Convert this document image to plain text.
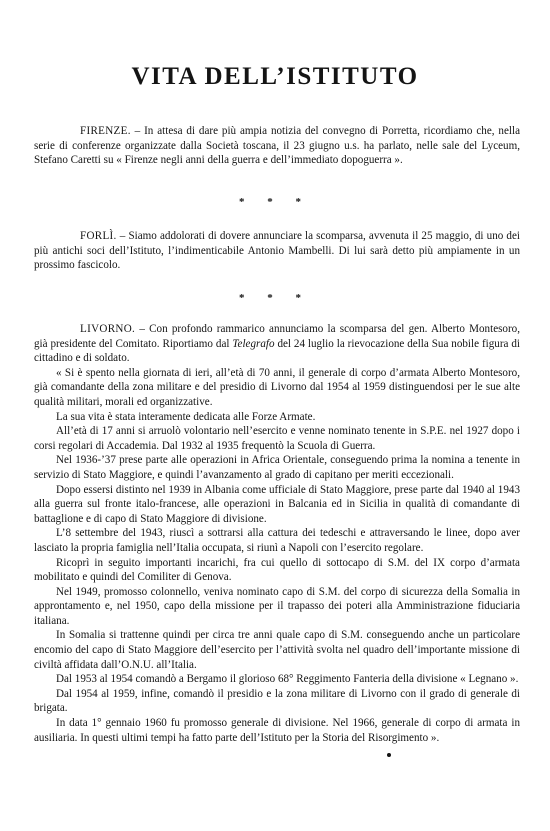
VITA DELL’ISTITUTO

FIRENZE. – In attesa di dare più ampia notizia del convegno di Porretta, ricordiamo che, nella serie di conferenze organizzate dalla Società toscana, il 23 giugno u.s. ha parlato, nelle sale del Lyceum, Stefano Caretti su « Firenze negli anni della guerra e dell’immediato dopoguerra ».

* * *

FORLÌ. – Siamo addolorati di dovere annunciare la scomparsa, avvenuta il 25 maggio, di uno dei più antichi soci dell’Istituto, l’indimenticabile Antonio Mambelli. Di lui sarà detto più ampiamente in un prossimo fascicolo.

* * *

LIVORNO. – Con profondo rammarico annunciamo la scomparsa del gen. Alberto Montesoro, già presidente del Comitato. Riportiamo dal Telegrafo del 24 luglio la rievocazione della Sua nobile figura di cittadino e di soldato.

« Si è spento nella giornata di ieri, all’età di 70 anni, il generale di corpo d’armata Alberto Montesoro, già comandante della zona militare e del presidio di Livorno dal 1954 al 1959 distinguendosi per le sue alte qualità militari, morali ed organizzative.

La sua vita è stata interamente dedicata alle Forze Armate.

All’età di 17 anni si arruolò volontario nell’esercito e venne nominato tenente in S.P.E. nel 1927 dopo i corsi regolari di Accademia. Dal 1932 al 1935 frequentò la Scuola di Guerra.

Nel 1936-’37 prese parte alle operazioni in Africa Orientale, conseguendo prima la nomina a tenente in servizio di Stato Maggiore, e quindi l’avanzamento al grado di capitano per meriti eccezionali.

Dopo essersi distinto nel 1939 in Albania come ufficiale di Stato Maggiore, prese parte dal 1940 al 1943 alla guerra sul fronte italo-francese, alle operazioni in Balcania ed in Sicilia in qualità di comandante di battaglione e di capo di Stato Maggiore di divisione.

L’8 settembre del 1943, riuscì a sottrarsi alla cattura dei tedeschi e attraversando le linee, dopo aver lasciato la propria famiglia nell’Italia occupata, si riunì a Napoli con l’esercito regolare.

Ricoprì in seguito importanti incarichi, fra cui quello di sottocapo di S.M. del IX corpo d’armata mobilitato e quindi del Comiliter di Genova.

Nel 1949, promosso colonnello, veniva nominato capo di S.M. del corpo di sicurezza della Somalia in approntamento e, nel 1950, capo della missione per il trapasso dei poteri alla Amministrazione fiduciaria italiana.

In Somalia si trattenne quindi per circa tre anni quale capo di S.M. conseguendo anche un particolare encomio del capo di Stato Maggiore dell’esercito per l’attività svolta nel quadro dell’importante missione di civiltà affidata dall’O.N.U. all’Italia.

Dal 1953 al 1954 comandò a Bergamo il glorioso 68° Reggimento Fanteria della divisione « Legnano ».

Dal 1954 al 1959, infine, comandò il presidio e la zona militare di Livorno con il grado di generale di brigata.

In data 1° gennaio 1960 fu promosso generale di divisione. Nel 1966, generale di corpo di armata in ausiliaria. In questi ultimi tempi ha fatto parte dell’Istituto per la Storia del Risorgimento ».
